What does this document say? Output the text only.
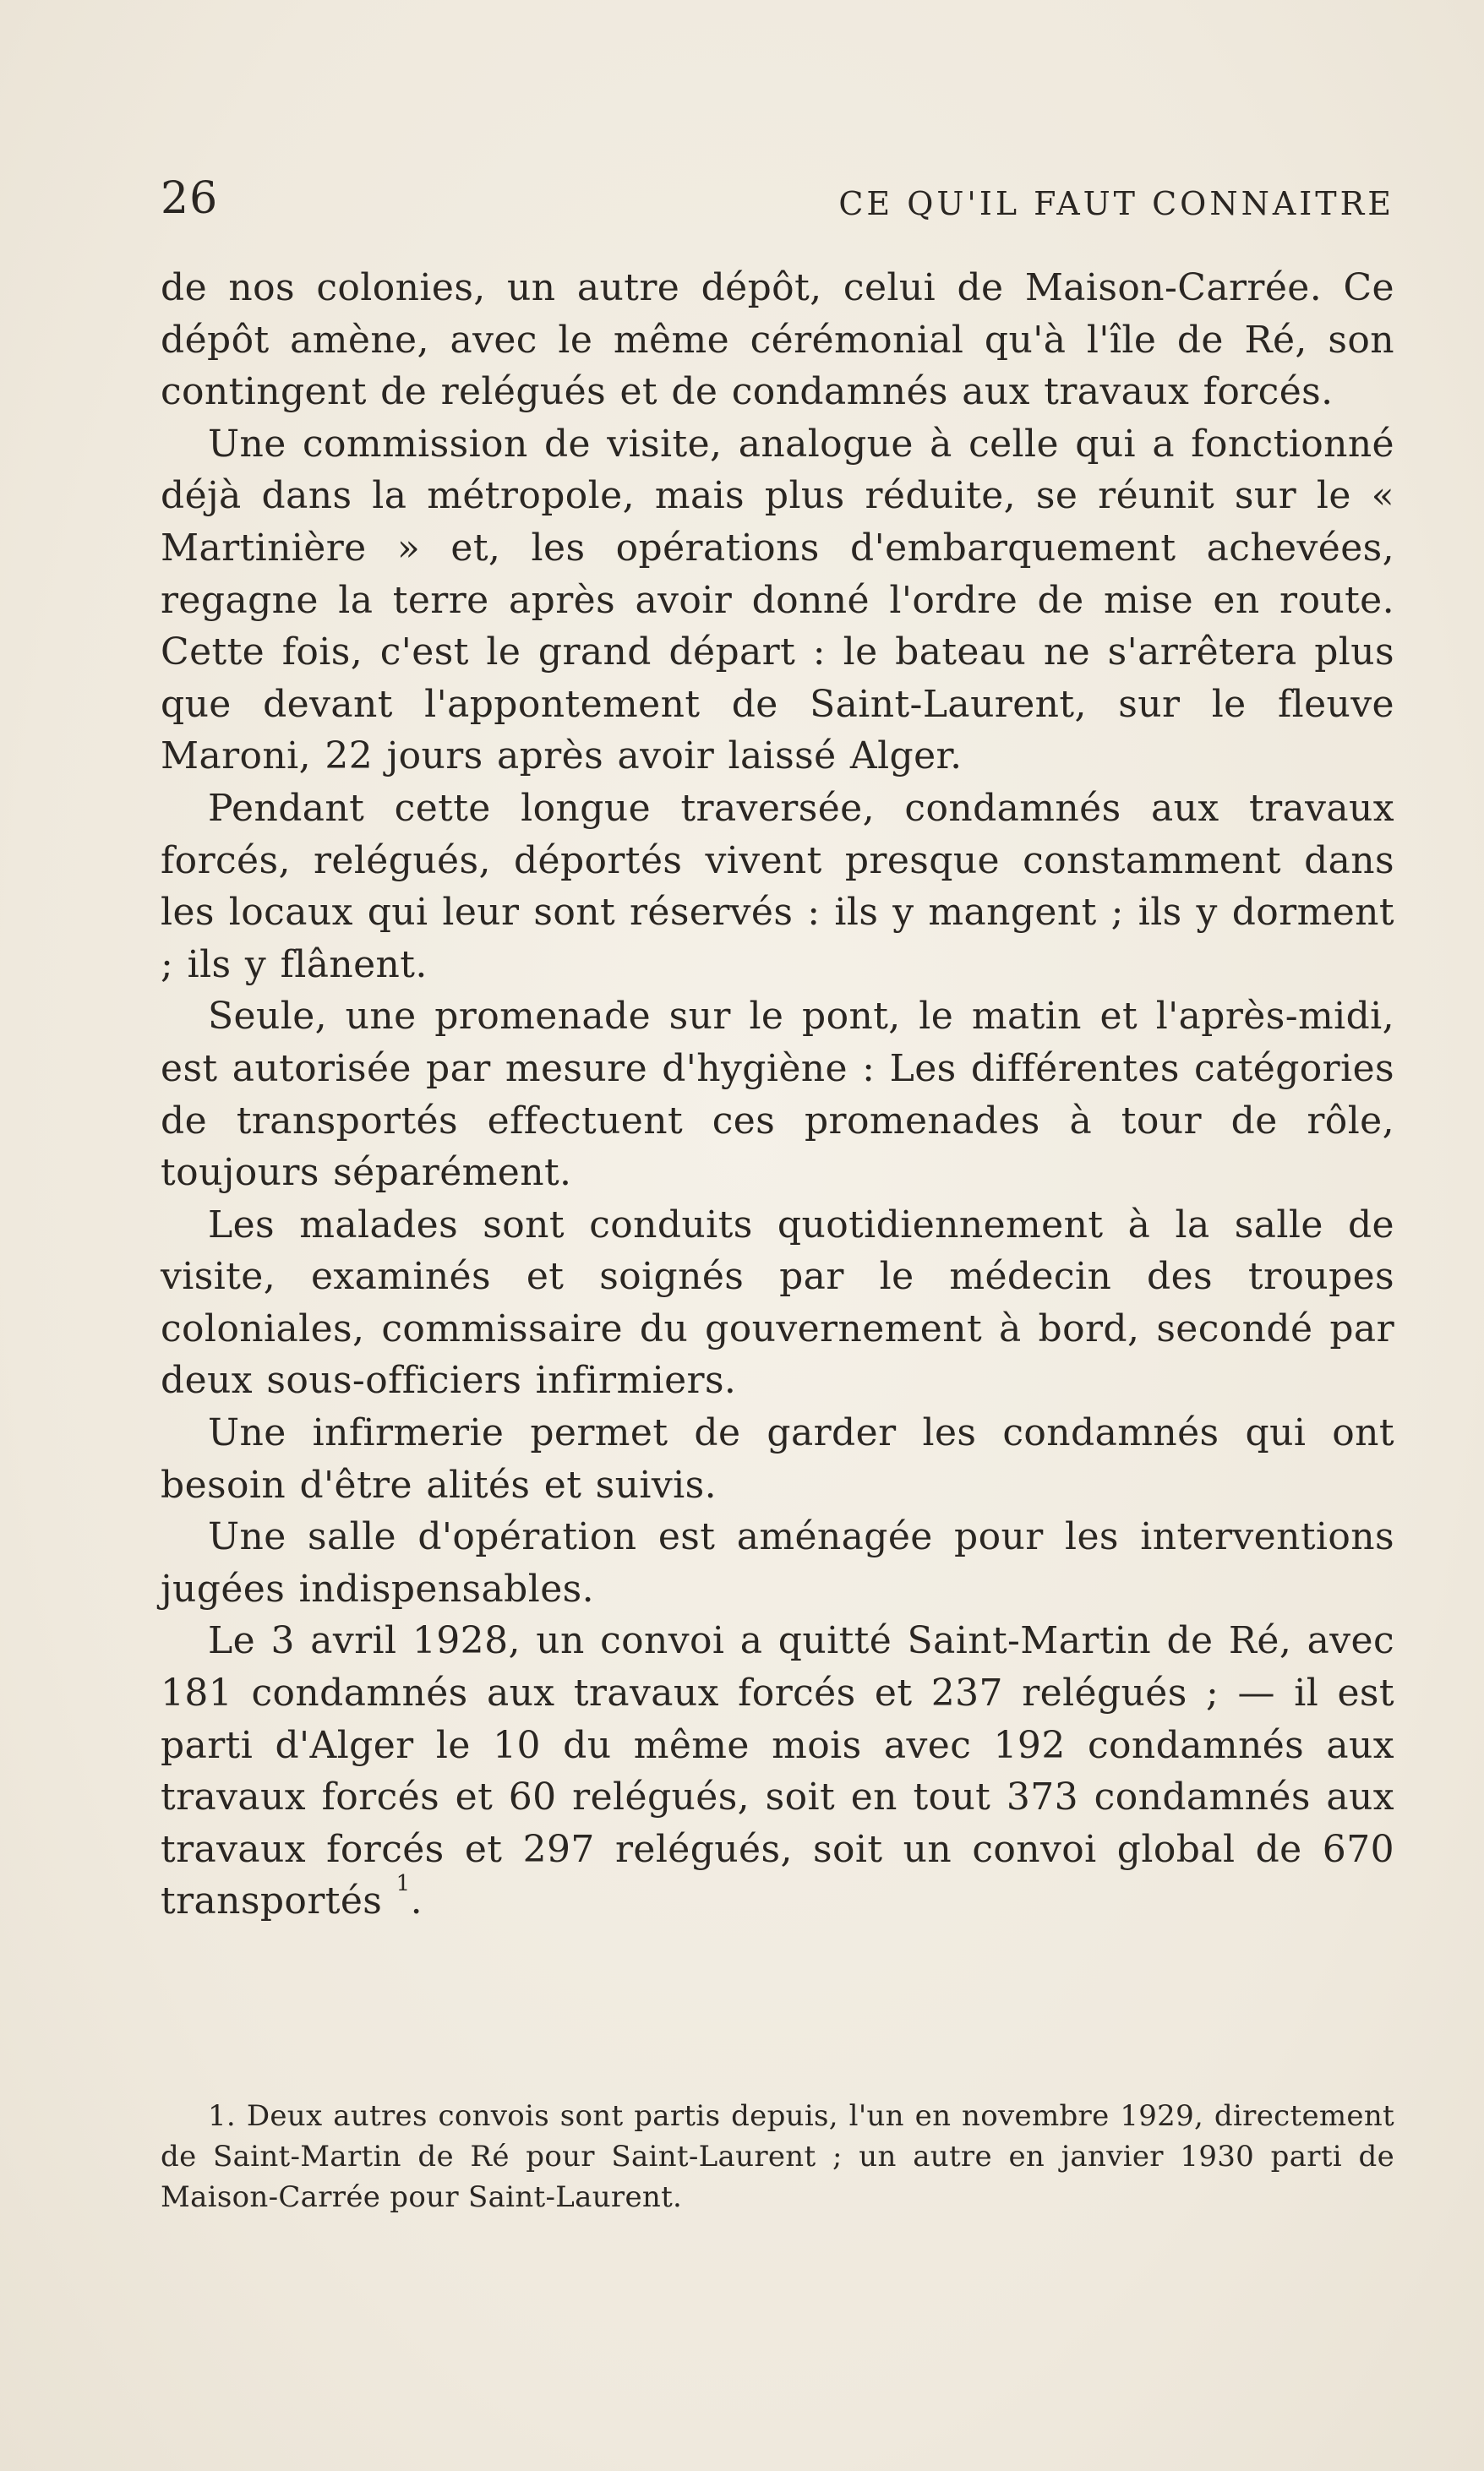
26	CE QU'IL FAUT CONNAITRE

de nos colonies, un autre dépôt, celui de Maison-Carrée. Ce dépôt amène, avec le même cérémonial qu'à l'île de Ré, son contingent de relégués et de condamnés aux travaux forcés.

Une commission de visite, analogue à celle qui a fonctionné déjà dans la métropole, mais plus réduite, se réunit sur le « Martinière » et, les opérations d'embarquement achevées, regagne la terre après avoir donné l'ordre de mise en route. Cette fois, c'est le grand départ : le bateau ne s'arrêtera plus que devant l'appontement de Saint-Laurent, sur le fleuve Maroni, 22 jours après avoir laissé Alger.

Pendant cette longue traversée, condamnés aux travaux forcés, relégués, déportés vivent presque constamment dans les locaux qui leur sont réservés : ils y mangent ; ils y dorment ; ils y flânent.

Seule, une promenade sur le pont, le matin et l'après-midi, est autorisée par mesure d'hygiène : Les différentes catégories de transportés effectuent ces promenades à tour de rôle, toujours séparément.

Les malades sont conduits quotidiennement à la salle de visite, examinés et soignés par le médecin des troupes coloniales, commissaire du gouvernement à bord, secondé par deux sous-officiers infirmiers.

Une infirmerie permet de garder les condamnés qui ont besoin d'être alités et suivis.

Une salle d'opération est aménagée pour les interventions jugées indispensables.

Le 3 avril 1928, un convoi a quitté Saint-Martin de Ré, avec 181 condamnés aux travaux forcés et 237 relégués ; — il est parti d'Alger le 10 du même mois avec 192 condamnés aux travaux forcés et 60 relégués, soit en tout 373 condamnés aux travaux forcés et 297 relégués, soit un convoi global de 670 transportés $^1$.

1. Deux autres convois sont partis depuis, l'un en novembre 1929, directement de Saint-Martin de Ré pour Saint-Laurent ; un autre en janvier 1930 parti de Maison-Carrée pour Saint-Laurent.
